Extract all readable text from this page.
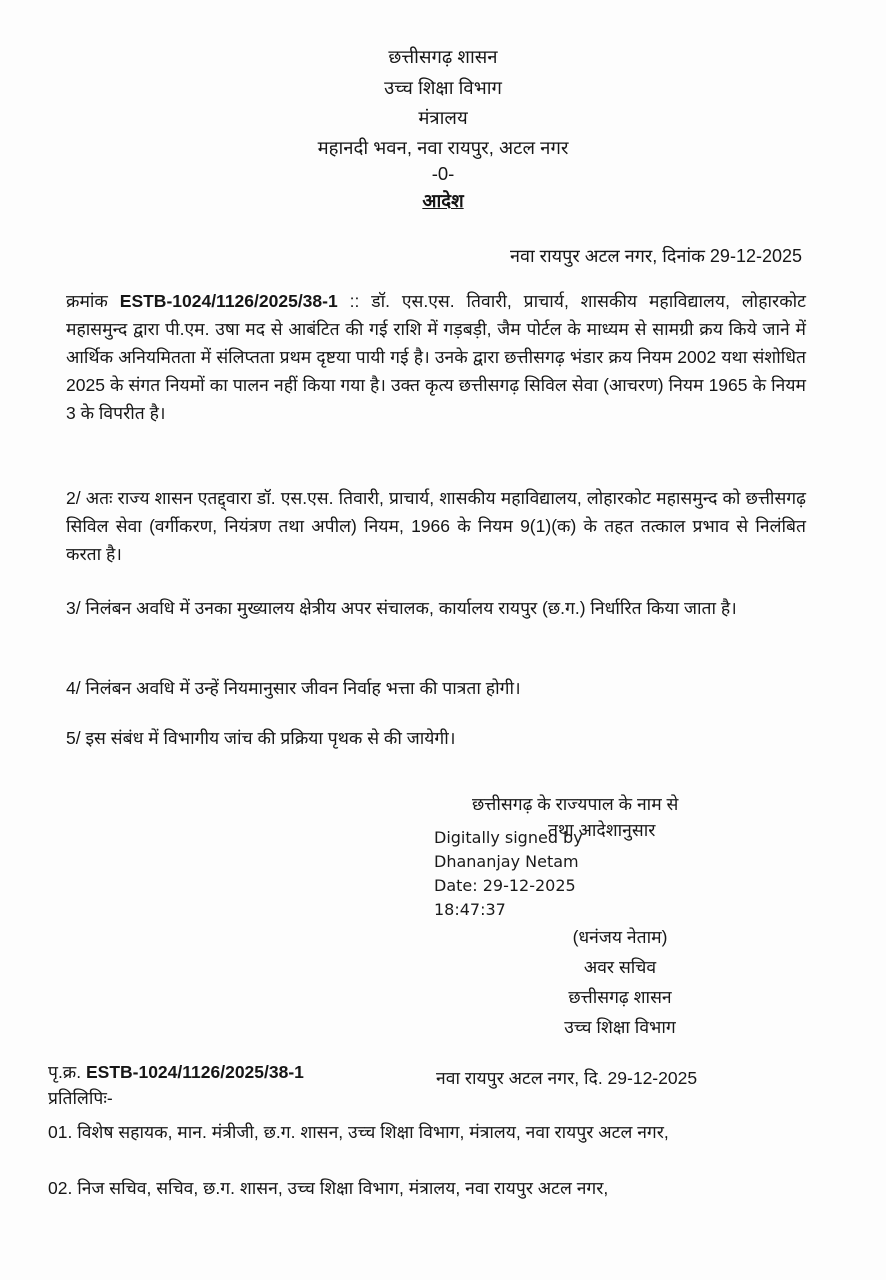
छत्तीसगढ़ शासन
उच्च शिक्षा विभाग
मंत्रालय
महानदी भवन, नवा रायपुर, अटल नगर
-0-
आदेश
नवा रायपुर अटल नगर, दिनांक 29-12-2025
क्रमांक ESTB-1024/1126/2025/38-1 :: डॉ. एस.एस. तिवारी, प्राचार्य, शासकीय महाविद्यालय, लोहारकोट महासमुन्द द्वारा पी.एम. उषा मद से आबंटित की गई राशि में गड़बड़ी, जैम पोर्टल के माध्यम से सामग्री क्रय किये जाने में आर्थिक अनियमितता में संलिप्तता प्रथम दृष्टया पायी गई है। उनके द्वारा छत्तीसगढ़ भंडार क्रय नियम 2002 यथा संशोधित 2025 के संगत नियमों का पालन नहीं किया गया है। उक्त कृत्य छत्तीसगढ़ सिविल सेवा (आचरण) नियम 1965 के नियम 3 के विपरीत है।
2/ अतः राज्य शासन एतद्द्वारा डॉ. एस.एस. तिवारी, प्राचार्य, शासकीय महाविद्यालय, लोहारकोट महासमुन्द को छत्तीसगढ़ सिविल सेवा (वर्गीकरण, नियंत्रण तथा अपील) नियम, 1966 के नियम 9(1)(क) के तहत तत्काल प्रभाव से निलंबित करता है।
3/ निलंबन अवधि में उनका मुख्यालय क्षेत्रीय अपर संचालक, कार्यालय रायपुर (छ.ग.) निर्धारित किया जाता है।
4/ निलंबन अवधि में उन्हें नियमानुसार जीवन निर्वाह भत्ता की पात्रता होगी।
5/ इस संबंध में विभागीय जांच की प्रक्रिया पृथक से की जायेगी।
छत्तीसगढ़ के राज्यपाल के नाम से
तथा आदेशानुसार
Digitally signed by
Dhananjay Netam
Date: 29-12-2025
18:47:37
(धनंजय नेताम)
अवर सचिव
छत्तीसगढ़ शासन
उच्च शिक्षा विभाग
पृ.क्र. ESTB-1024/1126/2025/38-1	नवा रायपुर अटल नगर, दि. 29-12-2025
प्रतिलिपिः-
01. विशेष सहायक, मान. मंत्रीजी, छ.ग. शासन, उच्च शिक्षा विभाग, मंत्रालय, नवा रायपुर अटल नगर,
02. निज सचिव, सचिव, छ.ग. शासन, उच्च शिक्षा विभाग, मंत्रालय, नवा रायपुर अटल नगर,
